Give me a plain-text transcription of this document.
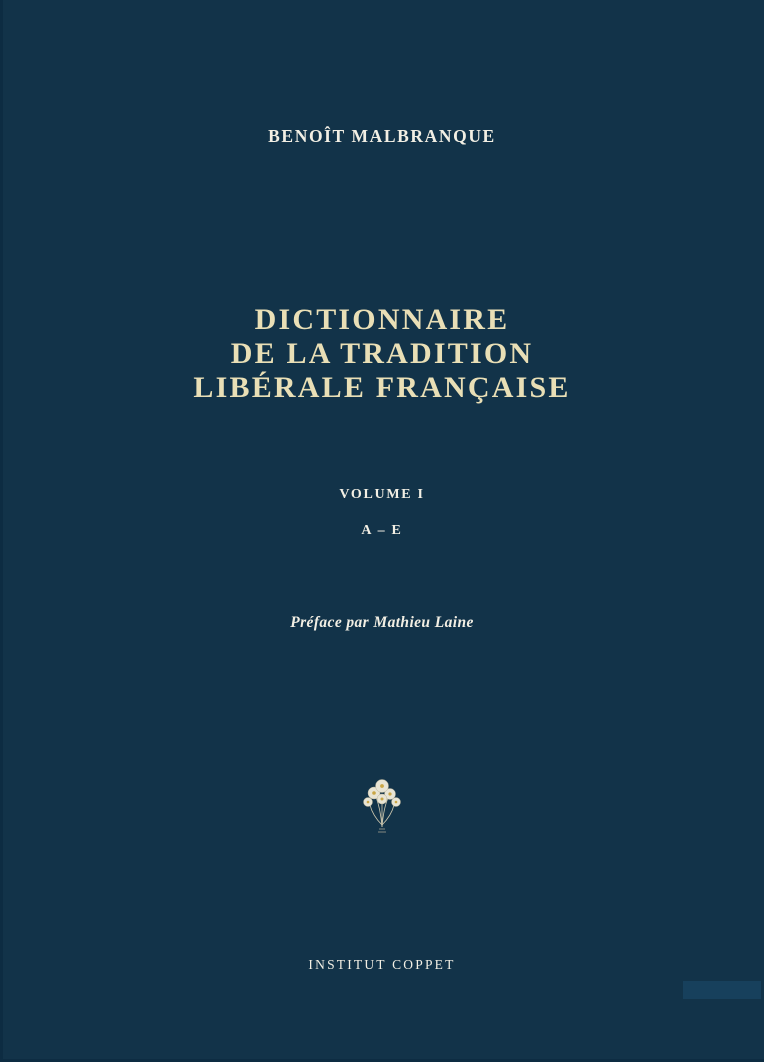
BENOÎT MALBRANQUE
DICTIONNAIRE
DE LA TRADITION
LIBÉRALE FRANÇAISE
VOLUME I
A – E
Préface par Mathieu Laine
INSTITUT COPPET
